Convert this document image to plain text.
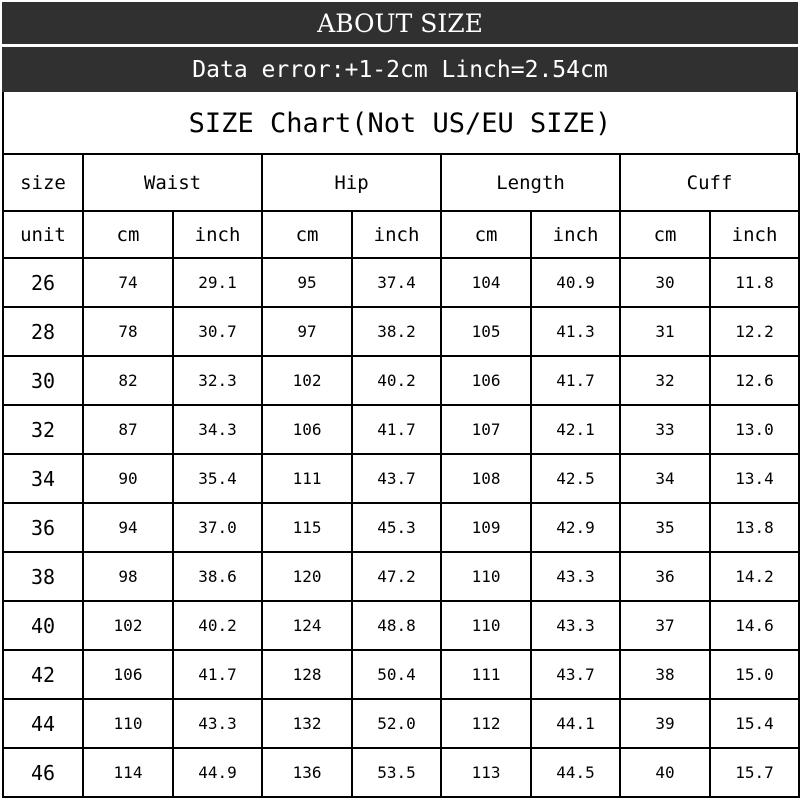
ABOUT SIZE
Data error:+1-2cm Linch=2.54cm
SIZE Chart(Not US/EU SIZE)
size	Waist		Hip		Length		Cuff	
unit	cm	inch	cm	inch	cm	inch	cm	inch
26	74	29.1	95	37.4	104	40.9	30	11.8
28	78	30.7	97	38.2	105	41.3	31	12.2
30	82	32.3	102	40.2	106	41.7	32	12.6
32	87	34.3	106	41.7	107	42.1	33	13.0
34	90	35.4	111	43.7	108	42.5	34	13.4
36	94	37.0	115	45.3	109	42.9	35	13.8
38	98	38.6	120	47.2	110	43.3	36	14.2
40	102	40.2	124	48.8	110	43.3	37	14.6
42	106	41.7	128	50.4	111	43.7	38	15.0
44	110	43.3	132	52.0	112	44.1	39	15.4
46	114	44.9	136	53.5	113	44.5	40	15.7
